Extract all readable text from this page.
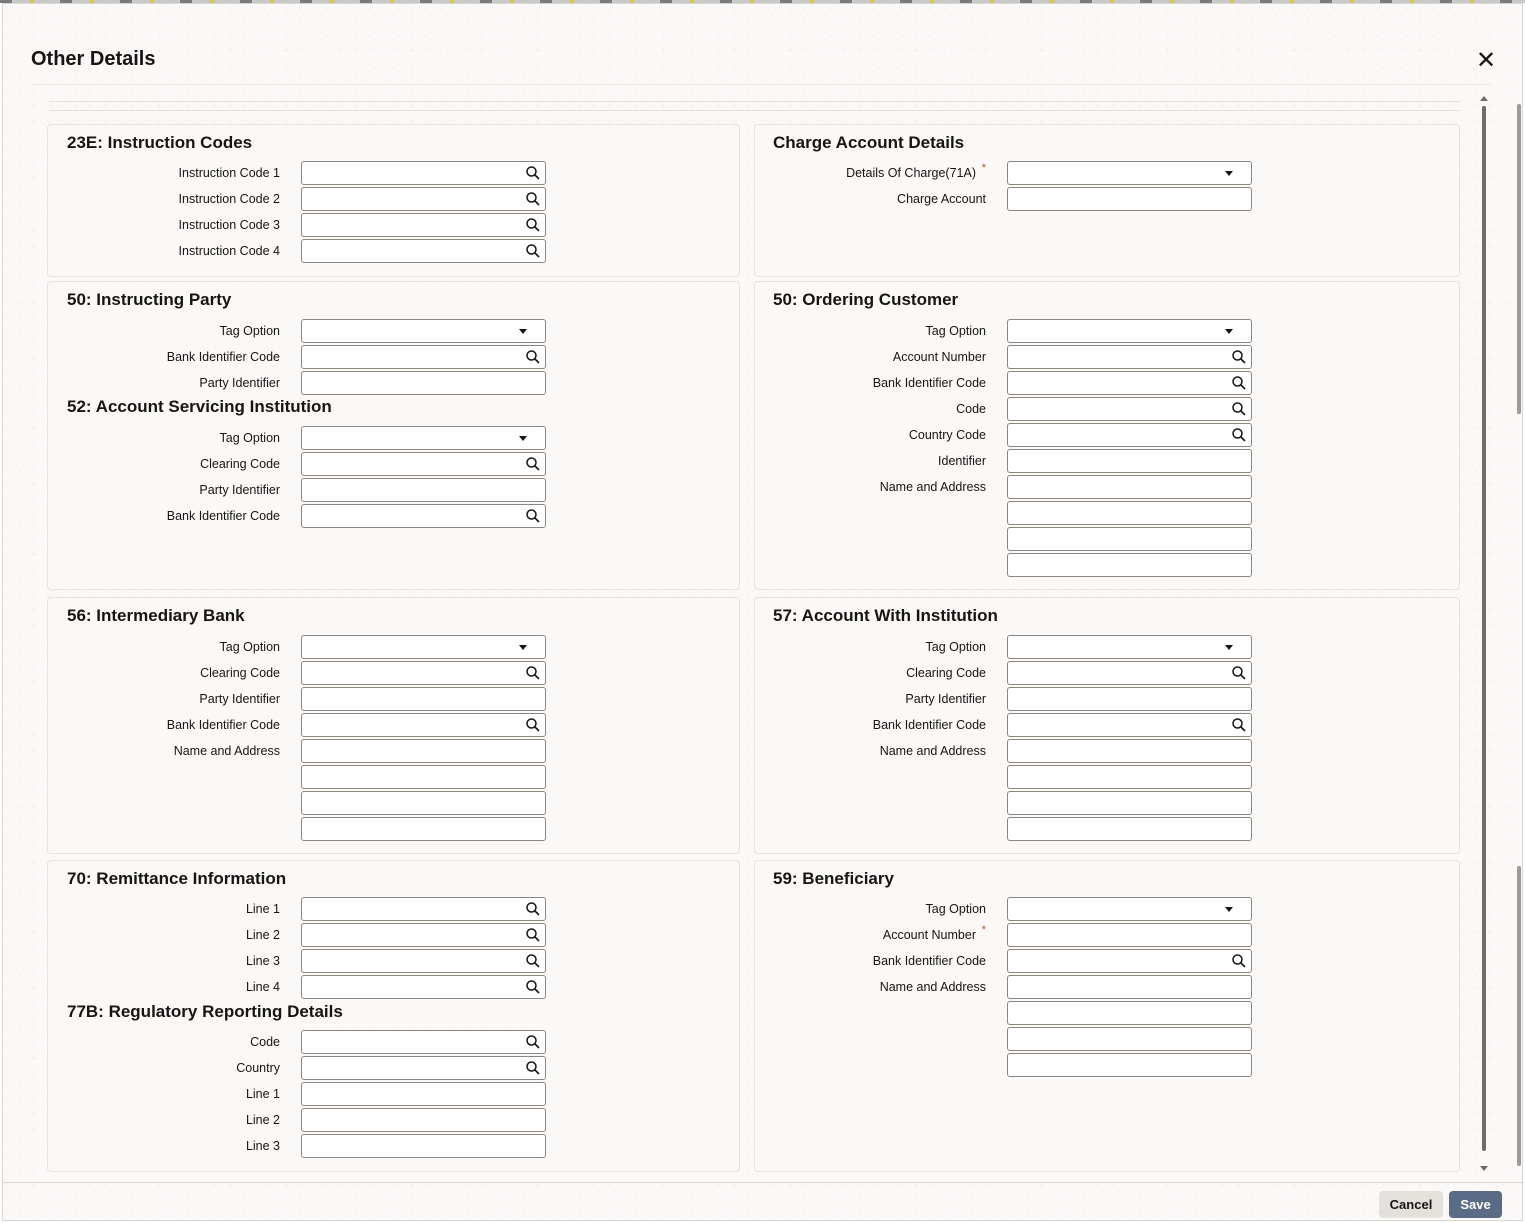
Other Details	✕
23E: Instruction Codes
Instruction Code 1
Instruction Code 2
Instruction Code 3
Instruction Code 4
Charge Account Details
Details Of Charge(71A) *
Charge Account
50: Instructing Party
Tag Option
Bank Identifier Code
Party Identifier
52: Account Servicing Institution
Tag Option
Clearing Code
Party Identifier
Bank Identifier Code
50: Ordering Customer
Tag Option
Account Number
Bank Identifier Code
Code
Country Code
Identifier
Name and Address
56: Intermediary Bank
Tag Option
Clearing Code
Party Identifier
Bank Identifier Code
Name and Address
57: Account With Institution
Tag Option
Clearing Code
Party Identifier
Bank Identifier Code
Name and Address
70: Remittance Information
Line 1
Line 2
Line 3
Line 4
77B: Regulatory Reporting Details
Code
Country
Line 1
Line 2
Line 3
59: Beneficiary
Tag Option
Account Number *
Bank Identifier Code
Name and Address
Cancel	Save
